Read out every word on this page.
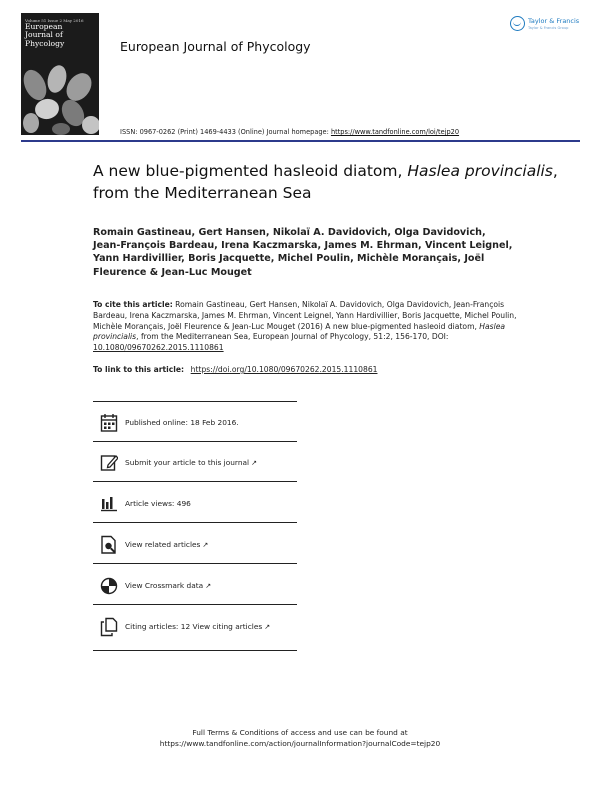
Volume 51 Issue 2 May 2016
European
Journal of
Phycology	European Journal of Phycology
Taylor & Francis
Taylor & Francis Group
ISSN: 0967-0262 (Print) 1469-4433 (Online) Journal homepage: https://www.tandfonline.com/loi/tejp20
A new blue-pigmented hasleoid diatom, Haslea provincialis, from the Mediterranean Sea
Romain Gastineau, Gert Hansen, Nikolaï A. Davidovich, Olga Davidovich, Jean-François Bardeau, Irena Kaczmarska, James M. Ehrman, Vincent Leignel, Yann Hardivillier, Boris Jacquette, Michel Poulin, Michèle Morançais, Joël Fleurence & Jean-Luc Mouget
To cite this article: Romain Gastineau, Gert Hansen, Nikolaï A. Davidovich, Olga Davidovich, Jean-François Bardeau, Irena Kaczmarska, James M. Ehrman, Vincent Leignel, Yann Hardivillier, Boris Jacquette, Michel Poulin, Michèle Morançais, Joël Fleurence & Jean-Luc Mouget (2016) A new blue-pigmented hasleoid diatom, Haslea provincialis, from the Mediterranean Sea, European Journal of Phycology, 51:2, 156-170, DOI: 10.1080/09670262.2015.1110861
To link to this article: https://doi.org/10.1080/09670262.2015.1110861
Published online: 18 Feb 2016.
Submit your article to this journal ↗
Article views: 496
View related articles ↗
View Crossmark data ↗
Citing articles: 12 View citing articles ↗
Full Terms & Conditions of access and use can be found at
https://www.tandfonline.com/action/journalInformation?journalCode=tejp20
